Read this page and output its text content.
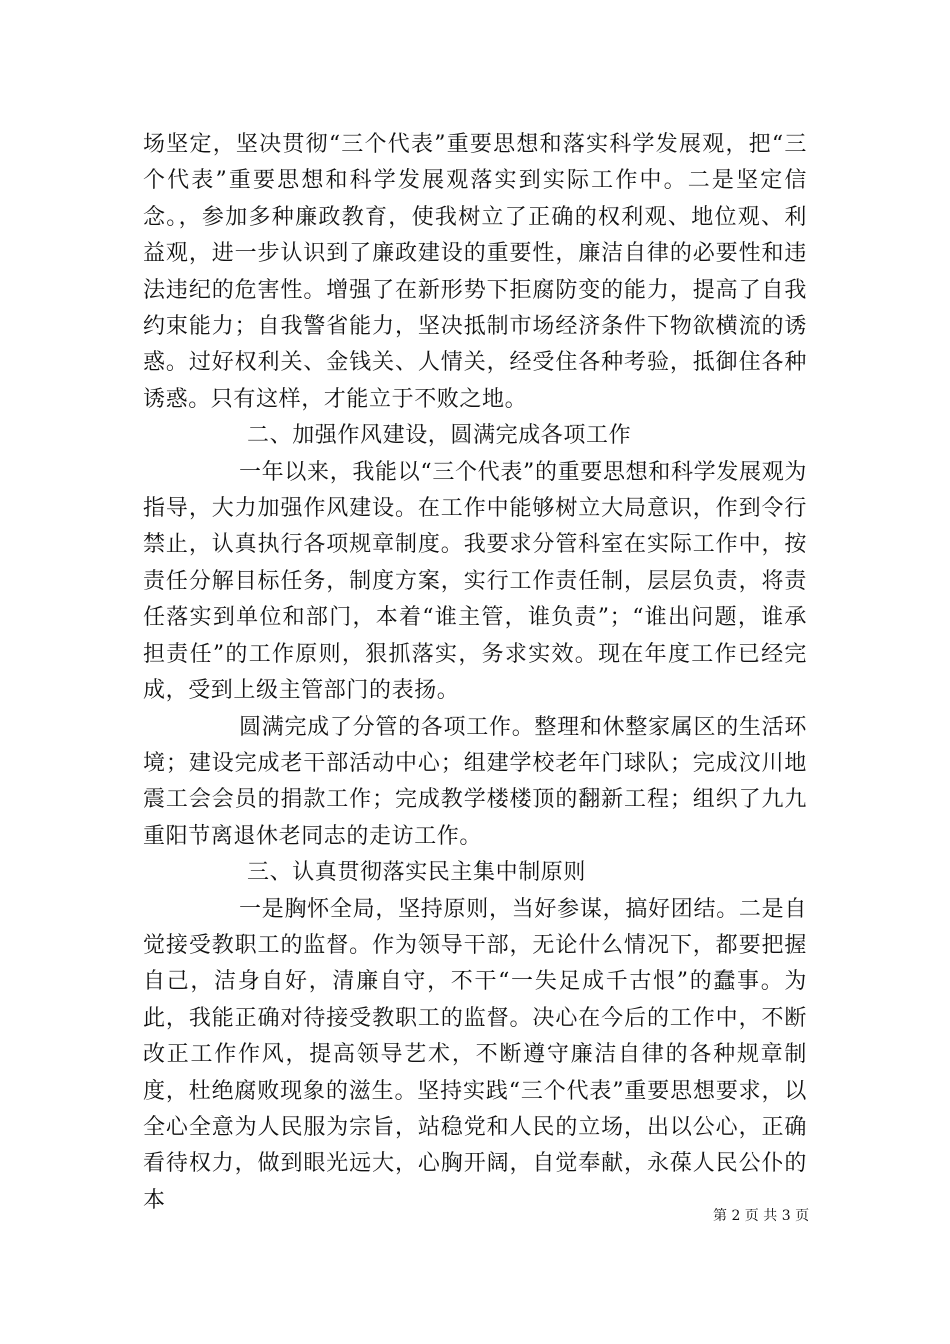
场坚定，坚决贯彻“三个代表”重要思想和落实科学发展观，把“三个代表”重要思想和科学发展观落实到实际工作中。二是坚定信念。，参加多种廉政教育，使我树立了正确的权利观、地位观、利益观，进一步认识到了廉政建设的重要性，廉洁自律的必要性和违法违纪的危害性。增强了在新形势下拒腐防变的能力，提高了自我约束能力；自我警省能力，坚决抵制市场经济条件下物欲横流的诱惑。过好权利关、金钱关、人情关，经受住各种考验，抵御住各种诱惑。只有这样，才能立于不败之地。

二、加强作风建设，圆满完成各项工作

一年以来，我能以“三个代表”的重要思想和科学发展观为指导，大力加强作风建设。在工作中能够树立大局意识，作到令行禁止，认真执行各项规章制度。我要求分管科室在实际工作中，按责任分解目标任务，制度方案，实行工作责任制，层层负责，将责任落实到单位和部门，本着“谁主管，谁负责”；“谁出问题，谁承担责任”的工作原则，狠抓落实，务求实效。现在年度工作已经完成，受到上级主管部门的表扬。

圆满完成了分管的各项工作。整理和休整家属区的生活环境；建设完成老干部活动中心；组建学校老年门球队；完成汶川地震工会会员的捐款工作；完成教学楼楼顶的翻新工程；组织了九九重阳节离退休老同志的走访工作。

三、认真贯彻落实民主集中制原则

一是胸怀全局，坚持原则，当好参谋，搞好团结。二是自觉接受教职工的监督。作为领导干部，无论什么情况下，都要把握自己，洁身自好，清廉自守，不干“一失足成千古恨”的蠢事。为此，我能正确对待接受教职工的监督。决心在今后的工作中，不断改正工作作风，提高领导艺术，不断遵守廉洁自律的各种规章制度，杜绝腐败现象的滋生。坚持实践“三个代表”重要思想要求，以全心全意为人民服为宗旨，站稳党和人民的立场，出以公心，正确看待权力，做到眼光远大，心胸开阔，自觉奉献，永葆人民公仆的本

第 2 页 共 3 页
